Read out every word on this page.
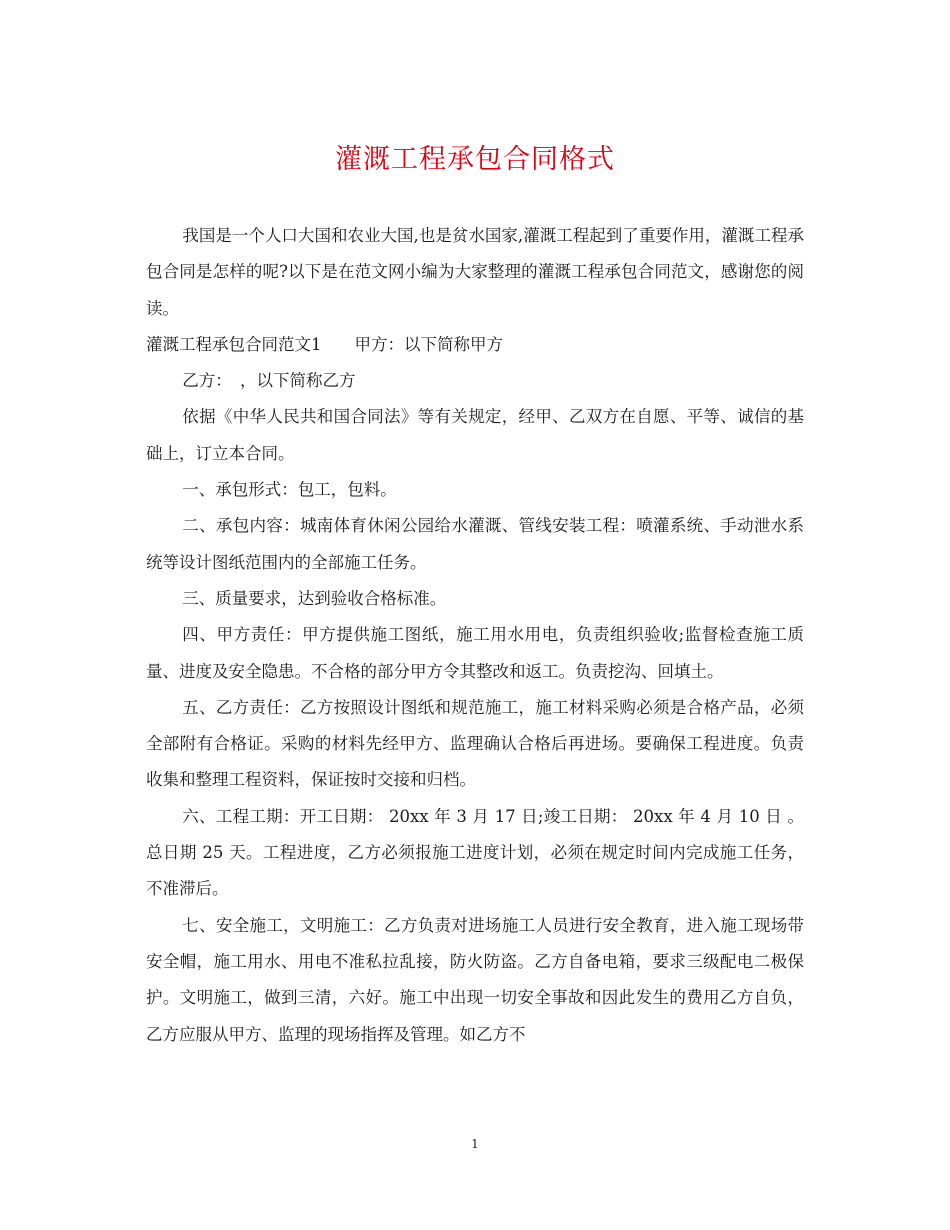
灌溉工程承包合同格式

我国是一个人口大国和农业大国,也是贫水国家,灌溉工程起到了重要作用，灌溉工程承包合同是怎样的呢?以下是在范文网小编为大家整理的灌溉工程承包合同范文，感谢您的阅读。

灌溉工程承包合同范文1　　甲方：以下简称甲方

乙方：　，以下简称乙方

依据《中华人民共和国合同法》等有关规定，经甲、乙双方在自愿、平等、诚信的基础上，订立本合同。

一、承包形式：包工，包料。

二、承包内容：城南体育休闲公园给水灌溉、管线安装工程：喷灌系统、手动泄水系统等设计图纸范围内的全部施工任务。

三、质量要求，达到验收合格标准。

四、甲方责任：甲方提供施工图纸，施工用水用电，负责组织验收;监督检查施工质量、进度及安全隐患。不合格的部分甲方令其整改和返工。负责挖沟、回填土。

五、乙方责任：乙方按照设计图纸和规范施工，施工材料采购必须是合格产品，必须全部附有合格证。采购的材料先经甲方、监理确认合格后再进场。要确保工程进度。负责收集和整理工程资料，保证按时交接和归档。

六、工程工期：开工日期： 20xx 年 3 月 17 日;竣工日期： 20xx 年 4 月 10 日 。总日期 25 天。工程进度，乙方必须报施工进度计划，必须在规定时间内完成施工任务，不准滞后。

七、安全施工，文明施工：乙方负责对进场施工人员进行安全教育，进入施工现场带安全帽，施工用水、用电不准私拉乱接，防火防盗。乙方自备电箱，要求三级配电二极保护。文明施工，做到三清，六好。施工中出现一切安全事故和因此发生的费用乙方自负，乙方应服从甲方、监理的现场指挥及管理。如乙方不

1
